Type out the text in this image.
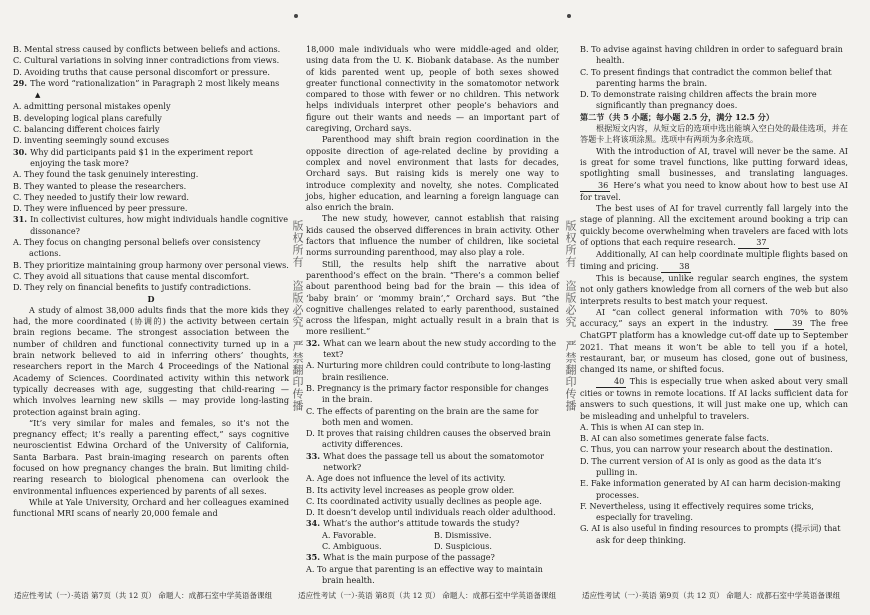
B. Mental stress caused by conflicts between beliefs and actions.
C. Cultural variations in solving inner contradictions from views.
D. Avoiding truths that cause personal discomfort or pressure.
29. The word “rationalization” in Paragraph 2 most likely means
▲
A. admitting personal mistakes openly
B. developing logical plans carefully
C. balancing different choices fairly
D. inventing seemingly sound excuses
30. Why did participants paid $1 in the experiment report enjoying the task more?
A. They found the task genuinely interesting.
B. They wanted to please the researchers.
C. They needed to justify their low reward.
D. They were influenced by peer pressure.
31. In collectivist cultures, how might individuals handle cognitive dissonance?
A. They focus on changing personal beliefs over consistency actions.
B. They prioritize maintaining group harmony over personal views.
C. They avoid all situations that cause mental discomfort.
D. They rely on financial benefits to justify contradictions.
D

A study of almost 38,000 adults finds that the more kids they had, the more coordinated (协调的) the activity between certain brain regions became. The strongest association between the number of children and functional connectivity turned up in a brain network believed to aid in inferring others’ thoughts, researchers report in the March 4 Proceedings of the National Academy of Sciences. Coordinated activity within this network typically decreases with age, suggesting that child-rearing — which involves learning new skills — may provide long-lasting protection against brain aging.

“It’s very similar for males and females, so it’s not the pregnancy effect; it’s really a parenting effect,” says cognitive neuroscientist Edwina Orchard of the University of California, Santa Barbara. Past brain-imaging research on parents often focused on how pregnancy changes the brain. But limiting child-rearing research to biological phenomena can overlook the environmental influences experienced by parents of all sexes.

While at Yale University, Orchard and her colleagues examined functional MRI scans of nearly 20,000 female and

18,000 male individuals who were middle-aged and older, using data from the U. K. Biobank database. As the number of kids parented went up, people of both sexes showed greater functional connectivity in the somatomotor network compared to those with fewer or no children. This network helps individuals interpret other people’s behaviors and figure out their wants and needs — an important part of caregiving, Orchard says.

Parenthood may shift brain region coordination in the opposite direction of age-related decline by providing a complex and novel environment that lasts for decades, Orchard says. But raising kids is merely one way to introduce complexity and novelty, she notes. Complicated jobs, higher education, and learning a foreign language can also enrich the brain.

The new study, however, cannot establish that raising kids caused the observed differences in brain activity. Other factors that influence the number of children, like societal norms surrounding parenthood, may also play a role.

Still, the results help shift the narrative about parenthood’s effect on the brain. “There’s a common belief about parenthood being bad for the brain — this idea of ‘baby brain’ or ‘mommy brain’,” Orchard says. But “the cognitive challenges related to early parenthood, sustained across the lifespan, might actually result in a brain that is more resilient.”

32. What can we learn about the new study according to the text?
A. Nurturing more children could contribute to long-lasting brain resilience.
B. Pregnancy is the primary factor responsible for changes in the brain.
C. The effects of parenting on the brain are the same for both men and women.
D. It proves that raising children causes the observed brain activity differences.
33. What does the passage tell us about the somatomotor network?
A. Age does not influence the level of its activity.
B. Its activity level increases as people grow older.
C. Its coordinated activity usually declines as people age.
D. It doesn’t develop until individuals reach older adulthood.
34. What’s the author’s attitude towards the study?
A. Favorable.	B. Dismissive.
C. Ambiguous.	D. Suspicious.
35. What is the main purpose of the passage?
A. To argue that parenting is an effective way to maintain brain health.
B. To advise against having children in order to safeguard brain health.
C. To present findings that contradict the common belief that parenting harms the brain.
D. To demonstrate raising children affects the brain more significantly than pregnancy does.
第二节（共 5 小题；每小题 2.5 分，满分 12.5 分）

根据短文内容，从短文后的选项中选出能填入空白处的最佳选项，并在答题卡上将该项涂黑。选项中有两项为多余选项。

With the introduction of AI, travel will never be the same. AI is great for some travel functions, like putting forward ideas, spotlighting small businesses, and translating languages. 36 Here’s what you need to know about how to best use AI for travel.

The best uses of AI for travel currently fall largely into the stage of planning. All the excitement around booking a trip can quickly become overwhelming when travelers are faced with lots of options that each require research.	37

Additionally, AI can help coordinate multiple flights based on timing and pricing.	38

This is because, unlike regular search engines, the system not only gathers knowledge from all corners of the web but also interprets results to best match your request.

AI “can collect general information with 70% to 80% accuracy,” says an expert in the industry.	39 The free ChatGPT platform has a knowledge cut-off date up to September 2021. That means it won’t be able to tell you if a hotel, restaurant, bar, or museum has closed, gone out of business, changed its name, or shifted focus.

40 This is especially true when asked about very small cities or towns in remote locations. If AI lacks sufficient data for answers to such questions, it will just make one up, which can be misleading and unhelpful to travelers.

A. This is when AI can step in.
B. AI can also sometimes generate false facts.
C. Thus, you can narrow your research about the destination.
D. The current version of AI is only as good as the data it’s pulling in.
E. Fake information generated by AI can harm decision-making processes.
F. Nevertheless, using it effectively requires some tricks, especially for traveling.
G. AI is also useful in finding resources to prompts (提示词) that ask for deep thinking.
版权所有　盗版必究　严禁翻印传播	版权所有　盗版必究　严禁翻印传播
适应性考试（一）·英语 第7页（共 12 页） 命题人：成都石室中学英语备课组	适应性考试（一）·英语 第8页（共 12 页） 命题人：成都石室中学英语备课组	适应性考试（一）·英语 第9页（共 12 页） 命题人：成都石室中学英语备课组
